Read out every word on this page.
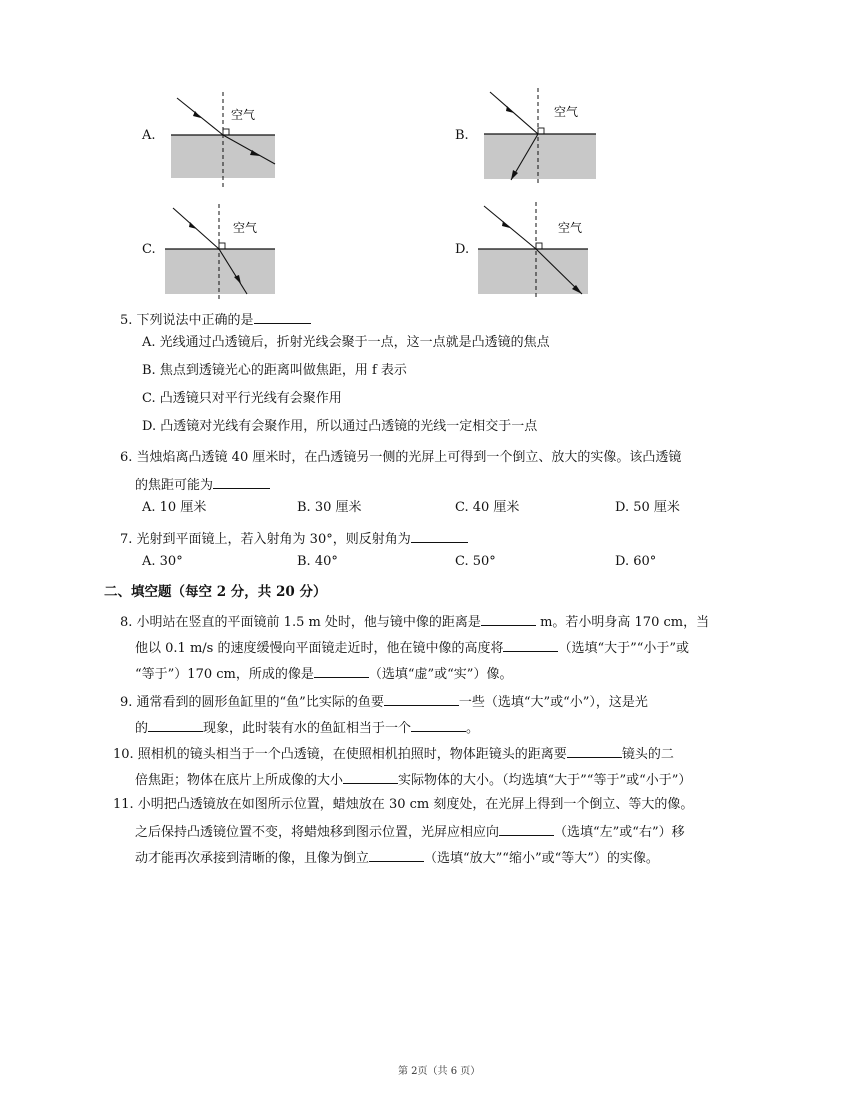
A.
空气
B.
空气
C.
空气
D.
空气
5. 下列说法中正确的是
A. 光线通过凸透镜后，折射光线会聚于一点，这一点就是凸透镜的焦点
B. 焦点到透镜光心的距离叫做焦距，用 f 表示
C. 凸透镜只对平行光线有会聚作用
D. 凸透镜对光线有会聚作用，所以通过凸透镜的光线一定相交于一点
6. 当烛焰离凸透镜 40 厘米时，在凸透镜另一侧的光屏上可得到一个倒立、放大的实像。该凸透镜
的焦距可能为
A. 10 厘米	B. 30 厘米	C. 40 厘米	D. 50 厘米
7. 光射到平面镜上，若入射角为 30°，则反射角为
A. 30°	B. 40°	C. 50°	D. 60°
二、填空题（每空 2 分，共 20 分）
8. 小明站在竖直的平面镜前 1.5 m 处时，他与镜中像的距离是	m。若小明身高 170 cm，当
他以 0.1 m/s 的速度缓慢向平面镜走近时，他在镜中像的高度将	（选填“大于”“小于”或
“等于”）170 cm，所成的像是	（选填“虚”或“实”）像。
9. 通常看到的圆形鱼缸里的“鱼”比实际的鱼要	一些（选填“大”或“小”），这是光
的	现象，此时装有水的鱼缸相当于一个	。
10. 照相机的镜头相当于一个凸透镜，在使照相机拍照时，物体距镜头的距离要	镜头的二
倍焦距；物体在底片上所成像的大小	实际物体的大小。（均选填“大于”“等于”或“小于”）
11. 小明把凸透镜放在如图所示位置，蜡烛放在 30 cm 刻度处，在光屏上得到一个倒立、等大的像。
之后保持凸透镜位置不变，将蜡烛移到图示位置，光屏应相应向	（选填“左”或“右”）移
动才能再次承接到清晰的像，且像为倒立	（选填“放大”“缩小”或“等大”）的实像。
第 2页（共 6 页）
